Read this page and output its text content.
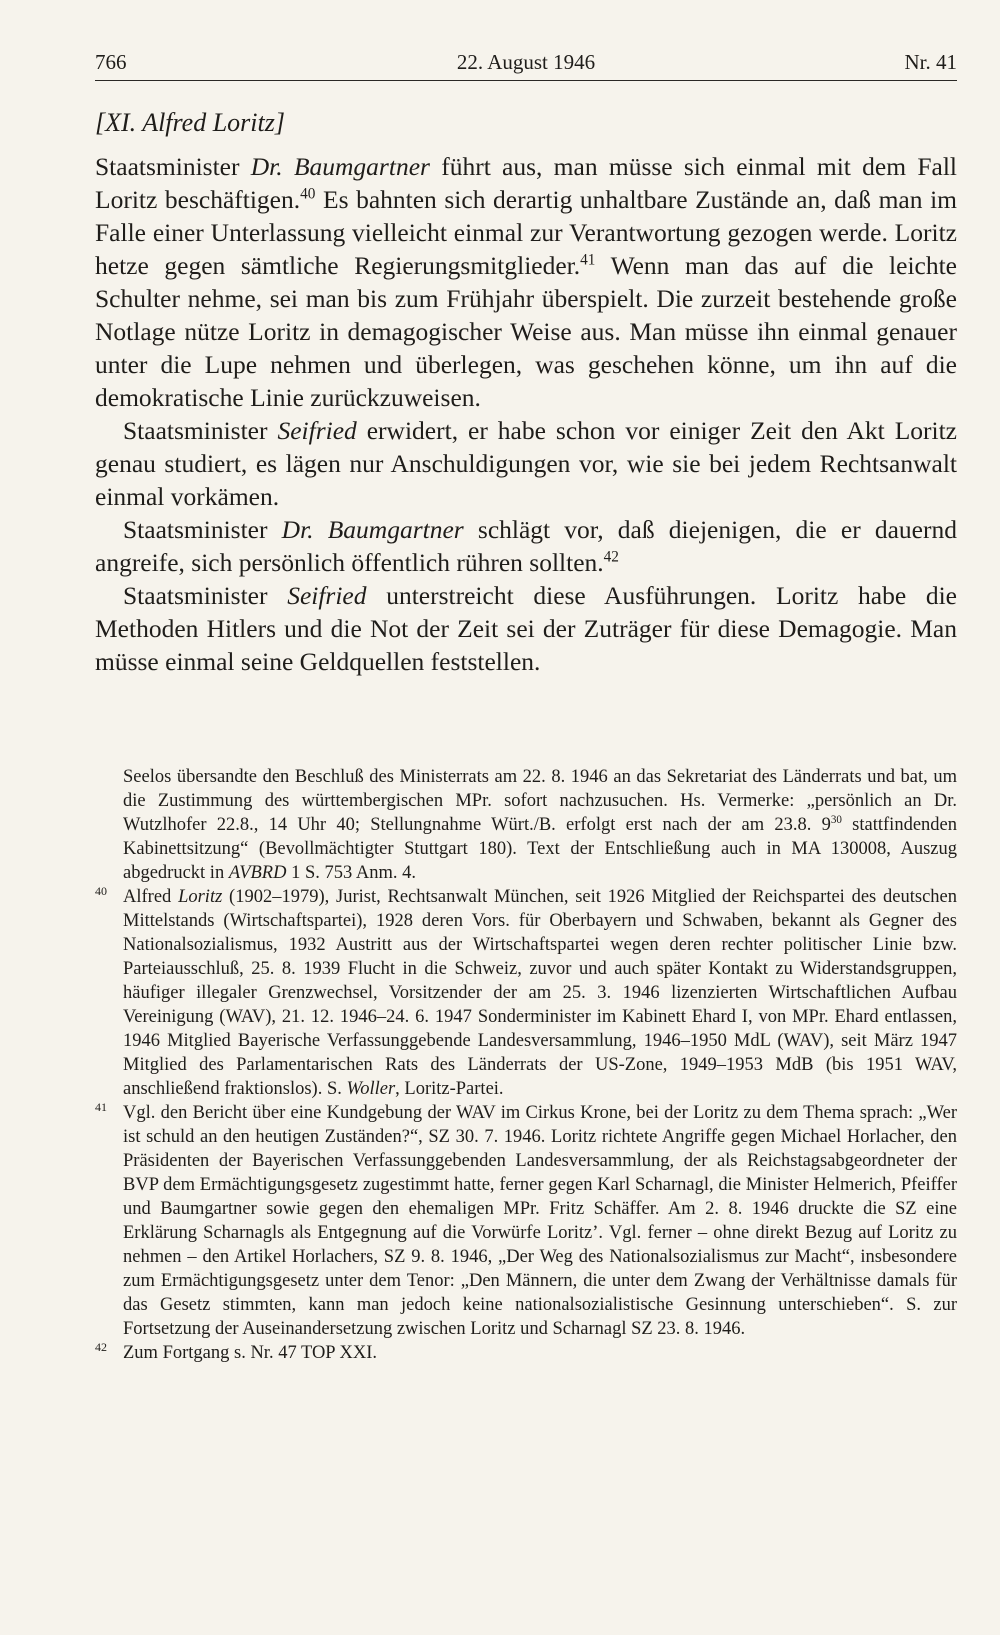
766	22. August 1946	Nr. 41
[XI. Alfred Loritz]

Staatsminister Dr. Baumgartner führt aus, man müsse sich einmal mit dem Fall Loritz beschäftigen.$^{40}$ Es bahnten sich derartig unhaltbare Zustände an, daß man im Falle einer Unterlassung vielleicht einmal zur Verantwortung gezogen werde. Loritz hetze gegen sämtliche Regierungsmitglieder.$^{41}$ Wenn man das auf die leichte Schulter nehme, sei man bis zum Frühjahr überspielt. Die zurzeit bestehende große Notlage nütze Loritz in demagogischer Weise aus. Man müsse ihn einmal genauer unter die Lupe nehmen und überlegen, was geschehen könne, um ihn auf die demokratische Linie zurückzuweisen.

Staatsminister Seifried erwidert, er habe schon vor einiger Zeit den Akt Loritz genau studiert, es lägen nur Anschuldigungen vor, wie sie bei jedem Rechtsanwalt einmal vorkämen.

Staatsminister Dr. Baumgartner schlägt vor, daß diejenigen, die er dauernd angreife, sich persönlich öffentlich rühren sollten.$^{42}$

Staatsminister Seifried unterstreicht diese Ausführungen. Loritz habe die Methoden Hitlers und die Not der Zeit sei der Zuträger für diese Demagogie. Man müsse einmal seine Geldquellen feststellen.

Seelos übersandte den Beschluß des Ministerrats am 22. 8. 1946 an das Sekretariat des Länderrats und bat, um die Zustimmung des württembergischen MPr. sofort nachzusuchen. Hs. Vermerke: „persönlich an Dr. Wutzlhofer 22.8., 14 Uhr 40; Stellungnahme Würt./B. erfolgt erst nach der am 23.8. $9^{30}$ stattfindenden Kabinettsitzung“ (Bevollmächtigter Stuttgart 180). Text der Entschließung auch in MA 130008, Auszug abgedruckt in AVBRD 1 S. 753 Anm. 4.

40 Alfred Loritz (1902–1979), Jurist, Rechtsanwalt München, seit 1926 Mitglied der Reichspartei des deutschen Mittelstands (Wirtschaftspartei), 1928 deren Vors. für Oberbayern und Schwaben, bekannt als Gegner des Nationalsozialismus, 1932 Austritt aus der Wirtschaftspartei wegen deren rechter politischer Linie bzw. Parteiausschluß, 25. 8. 1939 Flucht in die Schweiz, zuvor und auch später Kontakt zu Widerstandsgruppen, häufiger illegaler Grenzwechsel, Vorsitzender der am 25. 3. 1946 lizenzierten Wirtschaftlichen Aufbau Vereinigung (WAV), 21. 12. 1946–24. 6. 1947 Sonderminister im Kabinett Ehard I, von MPr. Ehard entlassen, 1946 Mitglied Bayerische Verfassunggebende Landesversammlung, 1946–1950 MdL (WAV), seit März 1947 Mitglied des Parlamentarischen Rats des Länderrats der US-Zone, 1949–1953 MdB (bis 1951 WAV, anschließend fraktionslos). S. Woller, Loritz-Partei.
41 Vgl. den Bericht über eine Kundgebung der WAV im Cirkus Krone, bei der Loritz zu dem Thema sprach: „Wer ist schuld an den heutigen Zuständen?“, SZ 30. 7. 1946. Loritz richtete Angriffe gegen Michael Horlacher, den Präsidenten der Bayerischen Verfassunggebenden Landesversammlung, der als Reichstagsabgeordneter der BVP dem Ermächtigungsgesetz zugestimmt hatte, ferner gegen Karl Scharnagl, die Minister Helmerich, Pfeiffer und Baumgartner sowie gegen den ehemaligen MPr. Fritz Schäffer. Am 2. 8. 1946 druckte die SZ eine Erklärung Scharnagls als Entgegnung auf die Vorwürfe Loritz’. Vgl. ferner – ohne direkt Bezug auf Loritz zu nehmen – den Artikel Horlachers, SZ 9. 8. 1946, „Der Weg des Nationalsozialismus zur Macht“, insbesondere zum Ermächtigungsgesetz unter dem Tenor: „Den Männern, die unter dem Zwang der Verhältnisse damals für das Gesetz stimmten, kann man jedoch keine nationalsozialistische Gesinnung unterschieben“. S. zur Fortsetzung der Auseinandersetzung zwischen Loritz und Scharnagl SZ 23. 8. 1946.
42 Zum Fortgang s. Nr. 47 TOP XXI.
